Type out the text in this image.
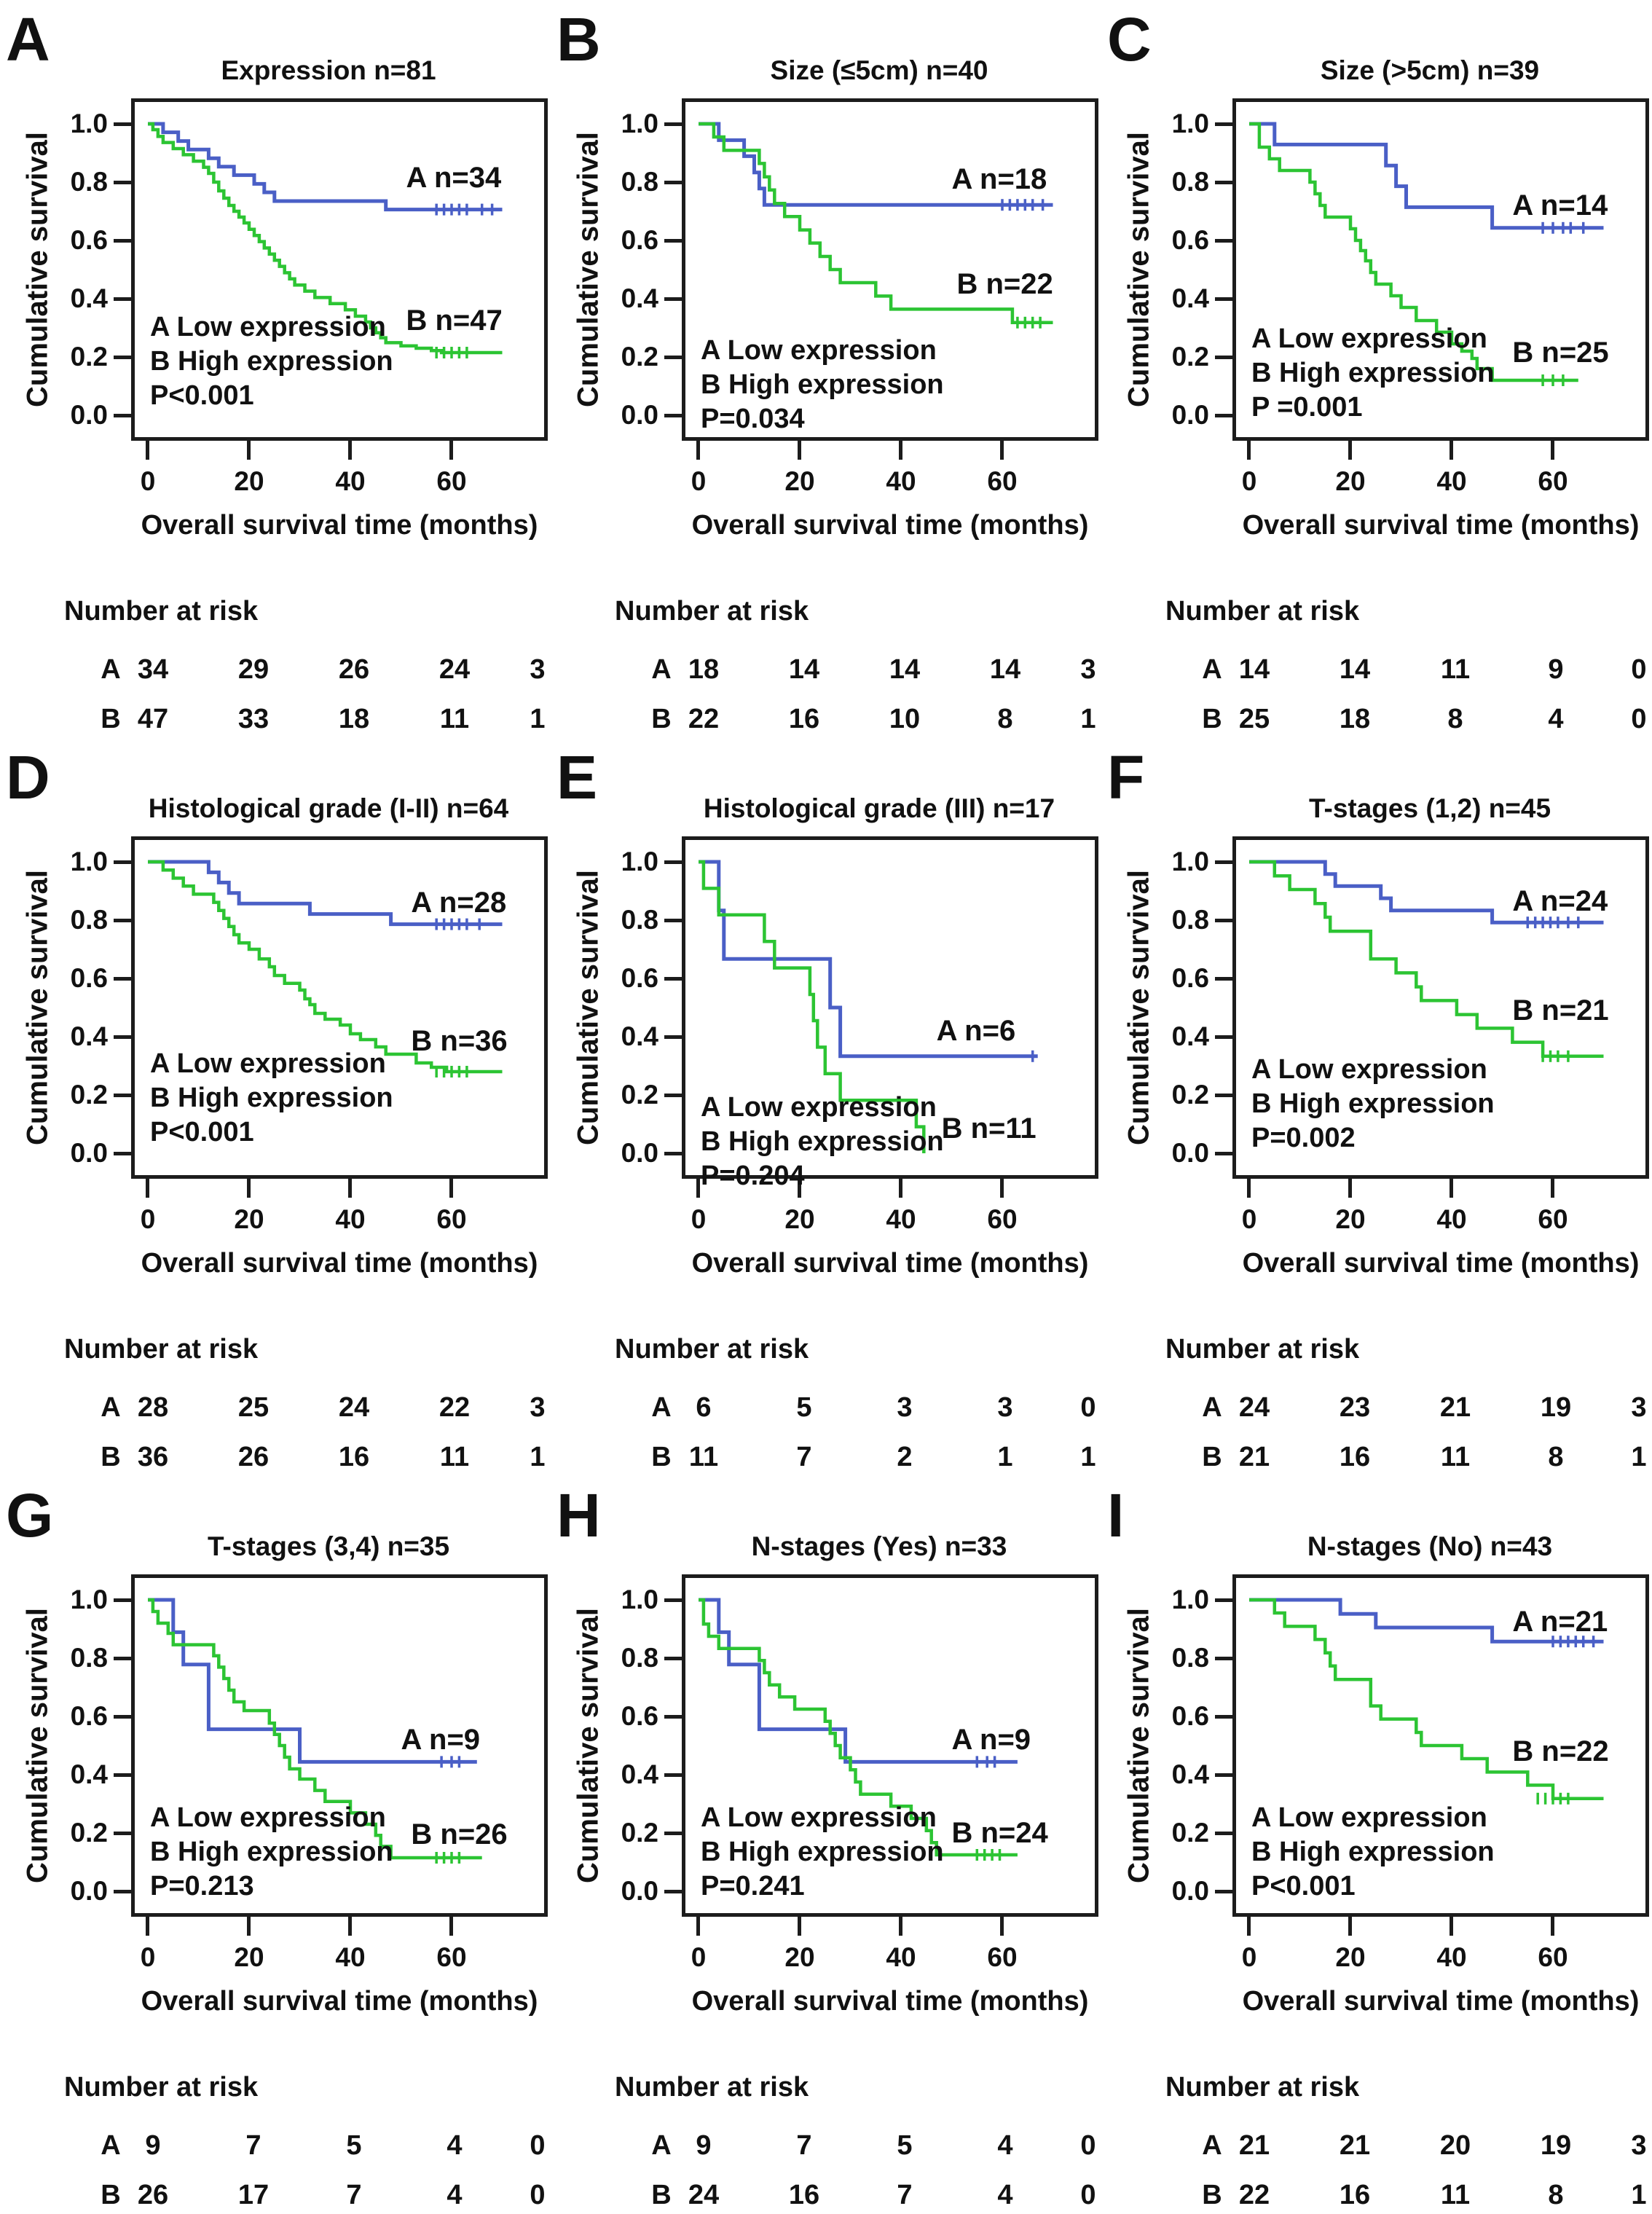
A	Expression n=81
Cumulative survival
Overall survival time (months)
Number at risk
1.0
0.8
0.6
0.4
0.2
0.0
0	20	40	60
A n=34
B n=47
A Low expression
B High expression
P<0.001
A 34	29	26	24	3
B 47	33	18	11	1
B	Size (≤5cm) n=40
Cumulative survival
Overall survival time (months)
Number at risk
1.0
0.8
0.6
0.4
0.2
0.0
0	20	40	60
A n=18
B n=22
A Low expression
B High expression
P=0.034
A 18	14	14	14	3
B 22	16	10	8	1
C	Size (>5cm) n=39
Cumulative survival
Overall survival time (months)
Number at risk
1.0
0.8
0.6
0.4
0.2
0.0
0	20	40	60
A n=14
B n=25
A Low expression
B High expression
P =0.001
A 14	14	11	9	0
B 25	18	8	4	0
D	Histological grade (I-II) n=64
Cumulative survival
Overall survival time (months)
Number at risk
1.0
0.8
0.6
0.4
0.2
0.0
0	20	40	60
A n=28
B n=36
A Low expression
B High expression
P<0.001
A 28	25	24	22	3
B 36	26	16	11	1
E	Histological grade (III) n=17
Cumulative survival
Overall survival time (months)
Number at risk
1.0
0.8
0.6
0.4
0.2
0.0
0	20	40	60
A n=6
B n=11
A Low expression
B High expression
P=0.204
A 6	5	3	3	0
B 11	7	2	1	1
F	T-stages (1,2) n=45
Cumulative survival
Overall survival time (months)
Number at risk
1.0
0.8
0.6
0.4
0.2
0.0
0	20	40	60
A n=24
B n=21
A Low expression
B High expression
P=0.002
A 24	23	21	19	3
B 21	16	11	8	1
G	T-stages (3,4) n=35
Cumulative survival
Overall survival time (months)
Number at risk
1.0
0.8
0.6
0.4
0.2
0.0
0	20	40	60
A n=9
B n=26
A Low expression
B High expression
P=0.213
A 9	7	5	4	0
B 26	17	7	4	0
H	N-stages (Yes) n=33
Cumulative survival
Overall survival time (months)
Number at risk
1.0
0.8
0.6
0.4
0.2
0.0
0	20	40	60
A n=9
B n=24
A Low expression
B High expression
P=0.241
A 9	7	5	4	0
B 24	16	7	4	0
I	N-stages (No) n=43
Cumulative survival
Overall survival time (months)
Number at risk
1.0
0.8
0.6
0.4
0.2
0.0
0	20	40	60
A n=21
B n=22
A Low expression
B High expression
P<0.001
A 21	21	20	19	3
B 22	16	11	8	1
